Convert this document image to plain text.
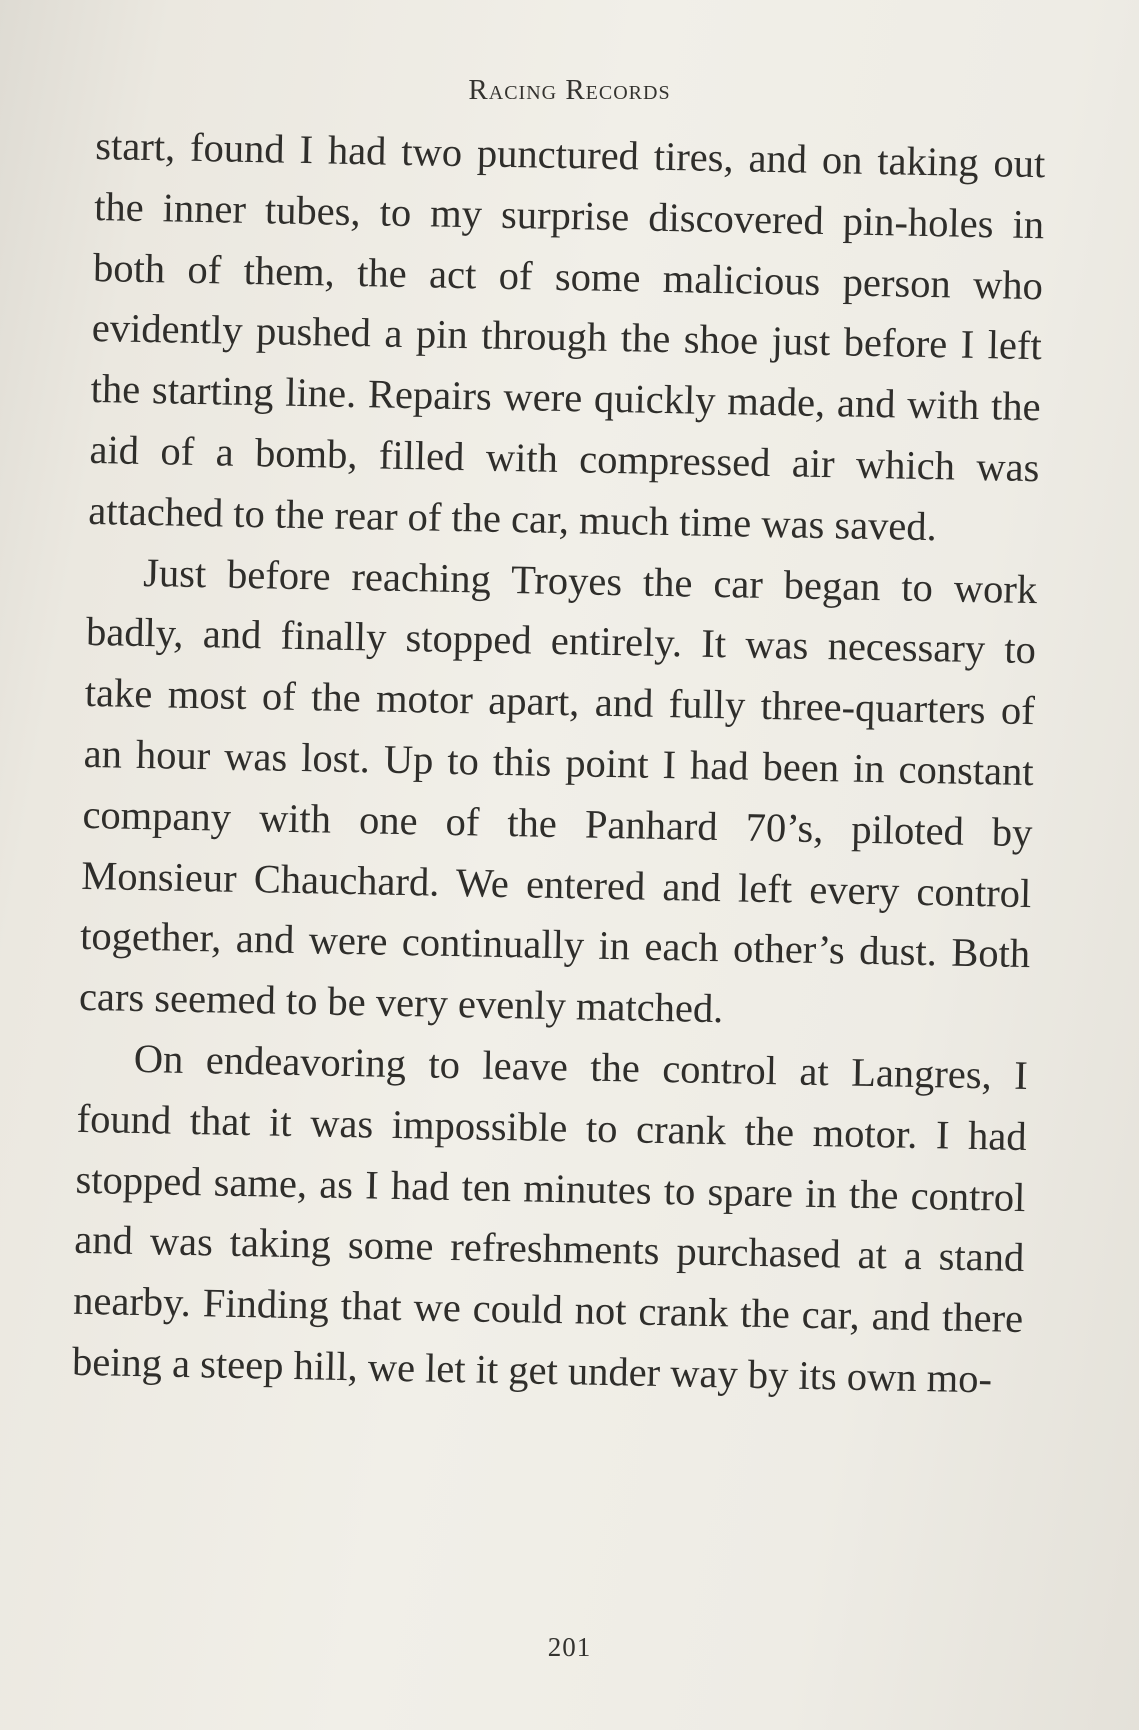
Racing Records

start, found I had two punctured tires, and on taking out the inner tubes, to my surprise discovered pin-holes in both of them, the act of some malicious person who evidently pushed a pin through the shoe just before I left the starting line. Repairs were quickly made, and with the aid of a bomb, filled with compressed air which was attached to the rear of the car, much time was saved.

Just before reaching Troyes the car began to work badly, and finally stopped entirely. It was necessary to take most of the motor apart, and fully three-quarters of an hour was lost. Up to this point I had been in constant company with one of the Panhard 70’s, piloted by Monsieur Chauchard. We entered and left every control together, and were continually in each other’s dust. Both cars seemed to be very evenly matched.

On endeavoring to leave the control at Langres, I found that it was impossible to crank the motor. I had stopped same, as I had ten minutes to spare in the control and was taking some refreshments purchased at a stand nearby. Finding that we could not crank the car, and there being a steep hill, we let it get under way by its own mo-

201
